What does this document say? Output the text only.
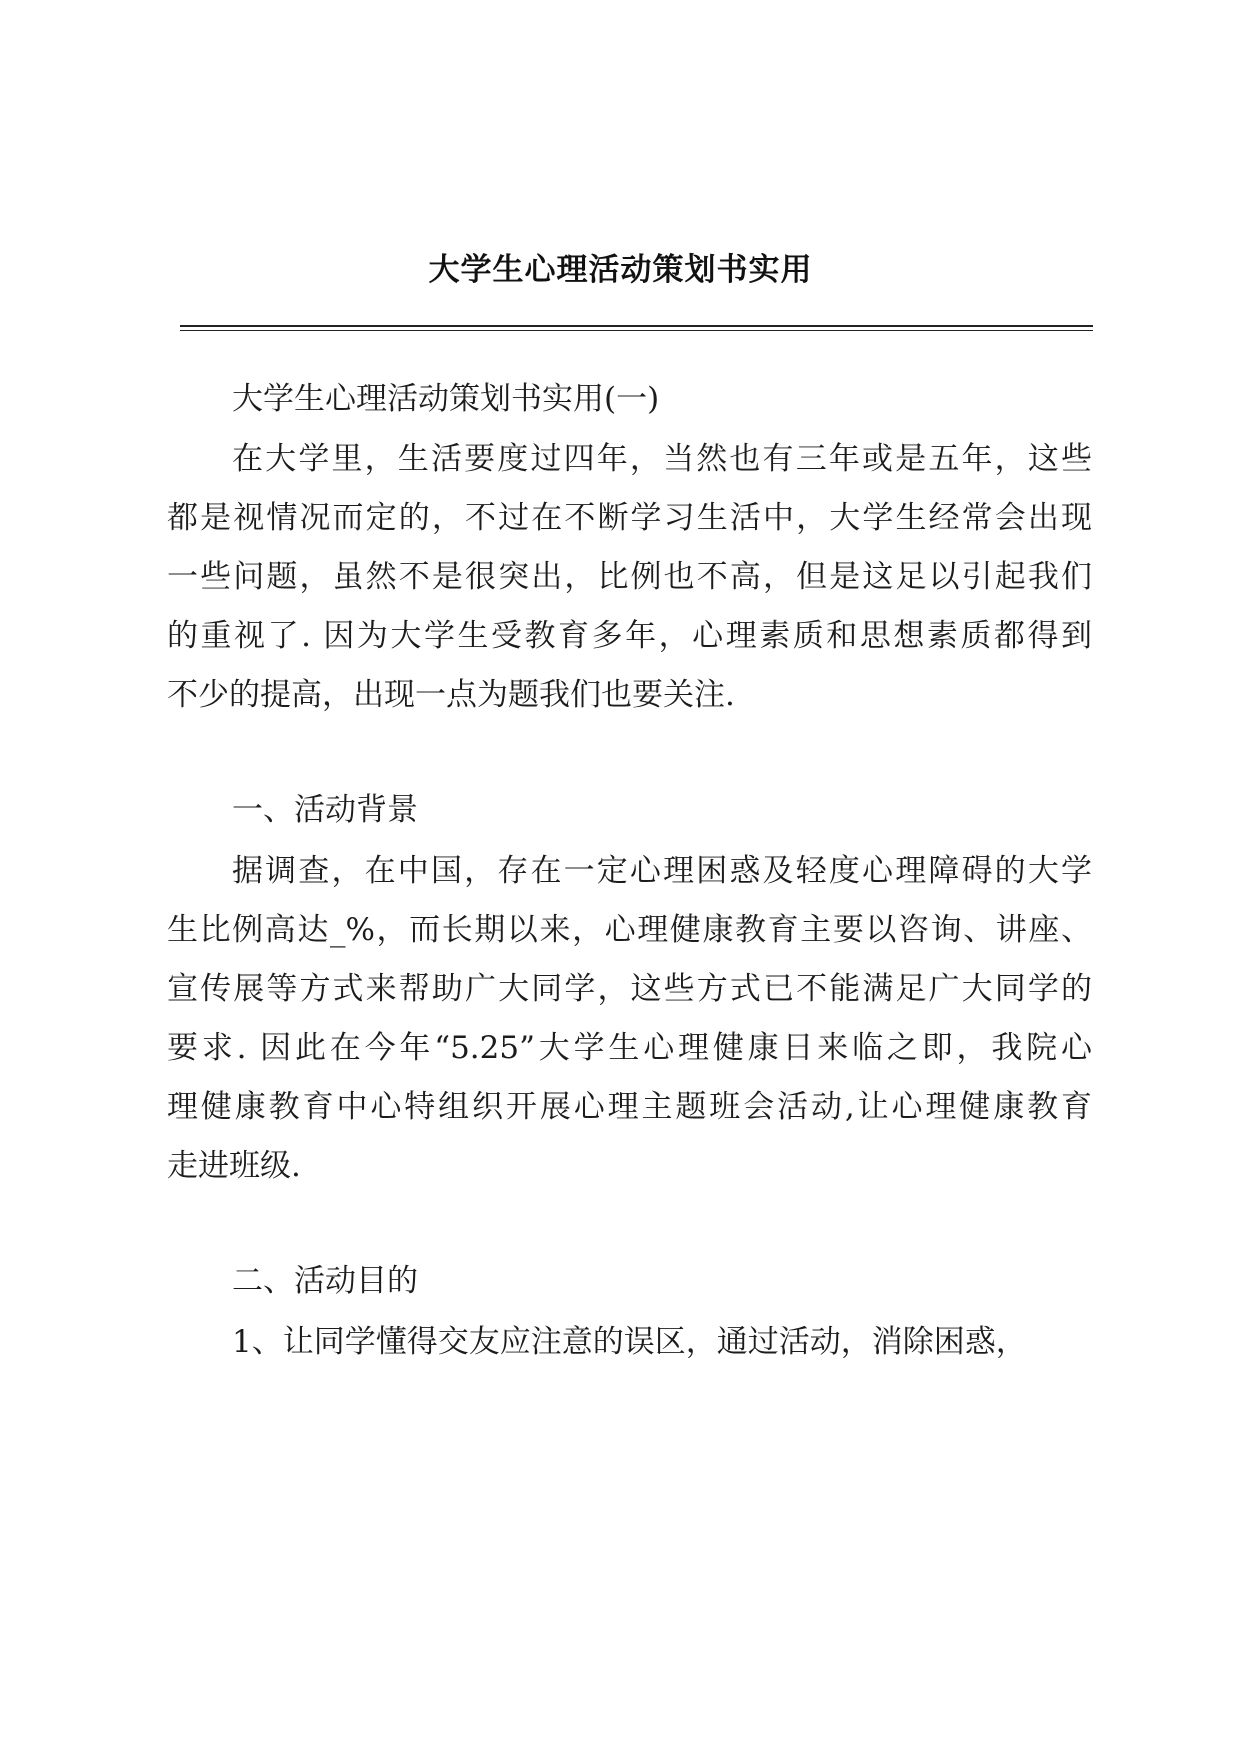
大学生心理活动策划书实用
大学生心理活动策划书实用(一)
在大学里，生活要度过四年，当然也有三年或是五年，这些
都是视情况而定的，不过在不断学习生活中，大学生经常会出现
一些问题，虽然不是很突出，比例也不高，但是这足以引起我们
的重视了. 因为大学生受教育多年，心理素质和思想素质都得到
不少的提高，出现一点为题我们也要关注.
一、活动背景
据调查，在中国，存在一定心理困惑及轻度心理障碍的大学
生比例高达_%，而长期以来，心理健康教育主要以咨询、讲座、
宣传展等方式来帮助广大同学，这些方式已不能满足广大同学的
要求. 因此在今年“5.25”大学生心理健康日来临之即，我院心
理健康教育中心特组织开展心理主题班会活动,让心理健康教育
走进班级.
二、活动目的
1、让同学懂得交友应注意的误区，通过活动，消除困惑，
